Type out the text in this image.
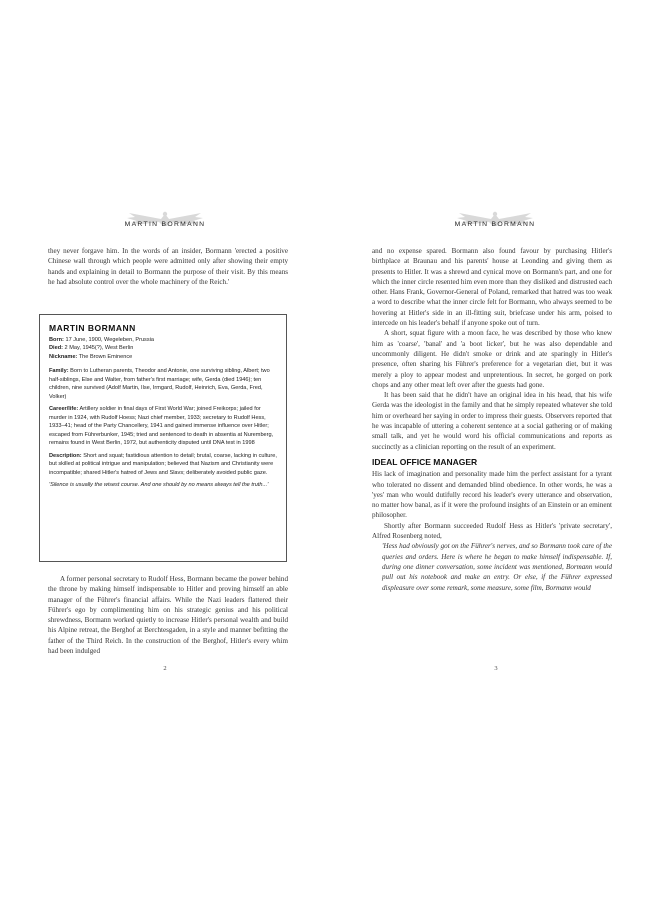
MARTIN BORMANN

they never forgave him. In the words of an insider, Bormann 'erected a positive Chinese wall through which people were admitted only after showing their empty hands and explaining in detail to Bormann the purpose of their visit. By this means he had absolute control over the whole machinery of the Reich.'

MARTIN BORMANN
Born: 17 June, 1900, Wegeleben, Prussia
Died: 2 May, 1945(?), West Berlin
Nickname: The Brown Eminence

Family: Born to Lutheran parents, Theodor and Antonie, one surviving sibling, Albert; two half-siblings, Else and Walter, from father's first marriage; wife, Gerda (died 1946); ten children, nine survived (Adolf Martin, Ilse, Irmgard, Rudolf, Heinrich, Eva, Gerda, Fred, Volker)

Career/life: Artillery soldier in final days of First World War; joined Freikorps; jailed for murder in 1924, with Rudolf Hoess; Nazi chief member, 1933; secretary to Rudolf Hess, 1933–41; head of the Party Chancellery, 1941 and gained immense influence over Hitler; escaped from Führerbunker, 1945; tried and sentenced to death in absentia at Nuremberg, remains found in West Berlin, 1972, but authenticity disputed until DNA test in 1998

Description: Short and squat; fastidious attention to detail; brutal, coarse, lacking in culture, but skilled at political intrigue and manipulation; believed that Nazism and Christianity were incompatible; shared Hitler's hatred of Jews and Slavs; deliberately avoided public gaze.

'Silence is usually the wisest course. And one should by no means always tell the truth...'

A former personal secretary to Rudolf Hess, Bormann became the power behind the throne by making himself indispensable to Hitler and proving himself an able manager of the Führer's financial affairs. While the Nazi leaders flattered their Führer's ego by complimenting him on his strategic genius and his political shrewdness, Bormann worked quietly to increase Hitler's personal wealth and build his Alpine retreat, the Berghof at Berchtesgaden, in a style and manner befitting the father of the Third Reich. In the construction of the Berghof, Hitler's every whim had been indulged

2
MARTIN BORMANN

and no expense spared. Bormann also found favour by purchasing Hitler's birthplace at Braunau and his parents' house at Leonding and giving them as presents to Hitler. It was a shrewd and cynical move on Bormann's part, and one for which the inner circle resented him even more than they disliked and distrusted each other. Hans Frank, Governor-General of Poland, remarked that hatred was too weak a word to describe what the inner circle felt for Bormann, who always seemed to be hovering at Hitler's side in an ill-fitting suit, briefcase under his arm, poised to intercede on his leader's behalf if anyone spoke out of turn.

A short, squat figure with a moon face, he was described by those who knew him as 'coarse', 'banal' and 'a boot licker', but he was also dependable and uncommonly diligent. He didn't smoke or drink and ate sparingly in Hitler's presence, often sharing his Führer's preference for a vegetarian diet, but it was merely a ploy to appear modest and unpretentious. In secret, he gorged on pork chops and any other meat left over after the guests had gone.

It has been said that he didn't have an original idea in his head, that his wife Gerda was the ideologist in the family and that he simply repeated whatever she told him or overheard her saying in order to impress their guests. Observers reported that he was incapable of uttering a coherent sentence at a social gathering or of making small talk, and yet he would word his official communications and reports as succinctly as a clinician reporting on the result of an experiment.

IDEAL OFFICE MANAGER

His lack of imagination and personality made him the perfect assistant for a tyrant who tolerated no dissent and demanded blind obedience. In other words, he was a 'yes' man who would dutifully record his leader's every utterance and observation, no matter how banal, as if it were the profound insights of an Einstein or an eminent philosopher.

Shortly after Bormann succeeded Rudolf Hess as Hitler's 'private secretary', Alfred Rosenberg noted,

'Hess had obviously got on the Führer's nerves, and so Bormann took care of the queries and orders. Here is where he began to make himself indispensable. If, during one dinner conversation, some incident was mentioned, Bormann would pull out his notebook and make an entry. Or else, if the Führer expressed displeasure over some remark, some measure, some film, Bormann would

3
